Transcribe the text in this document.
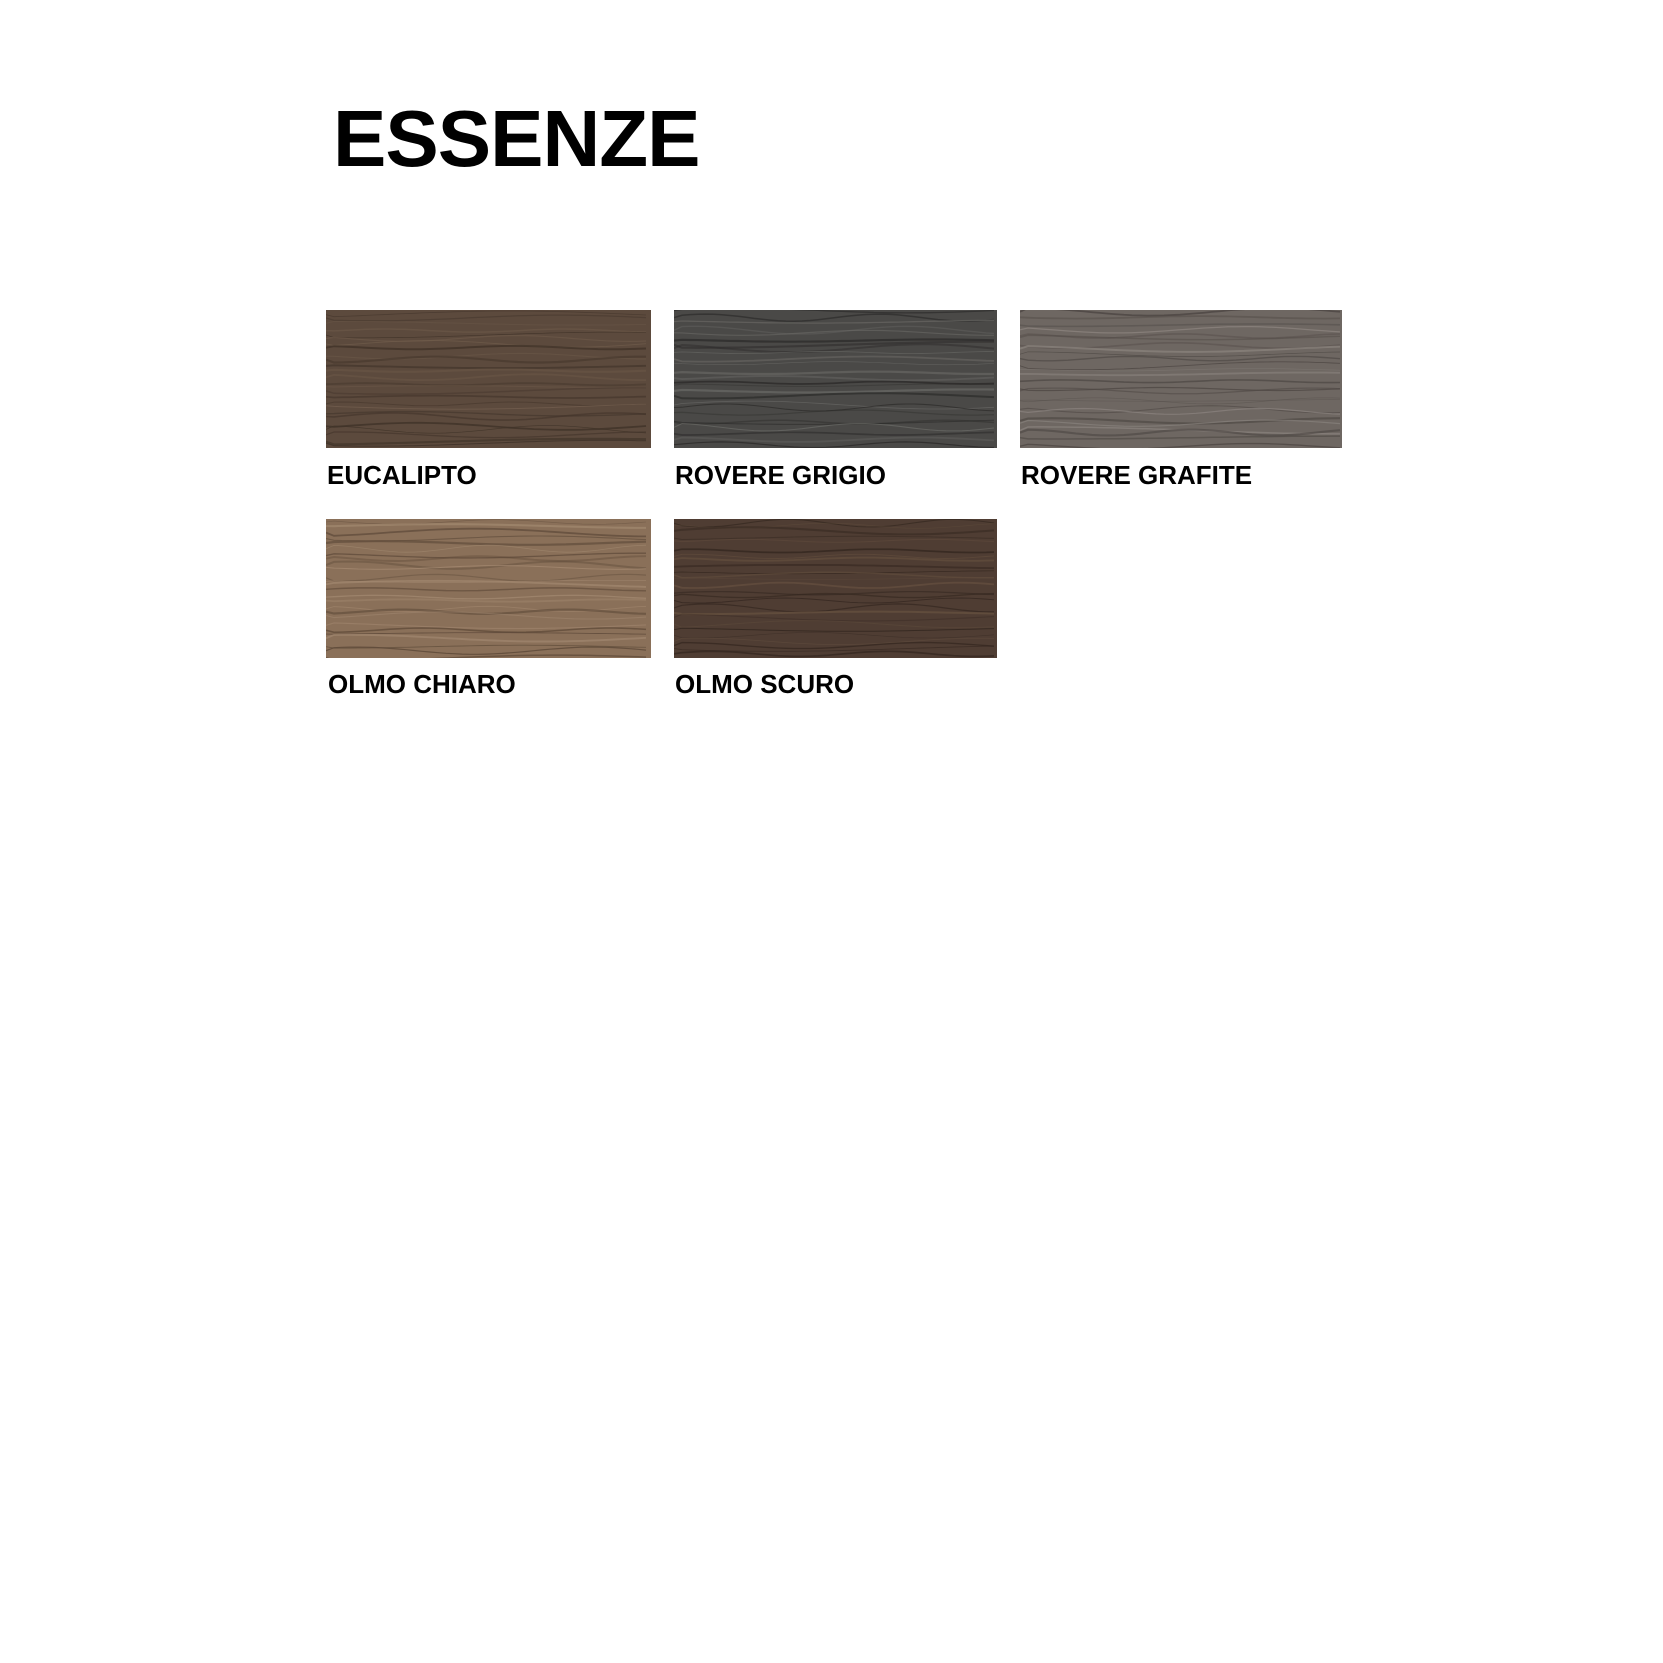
ESSENZE
EUCALIPTO	ROVERE GRIGIO	ROVERE GRAFITE
OLMO CHIARO	OLMO SCURO
